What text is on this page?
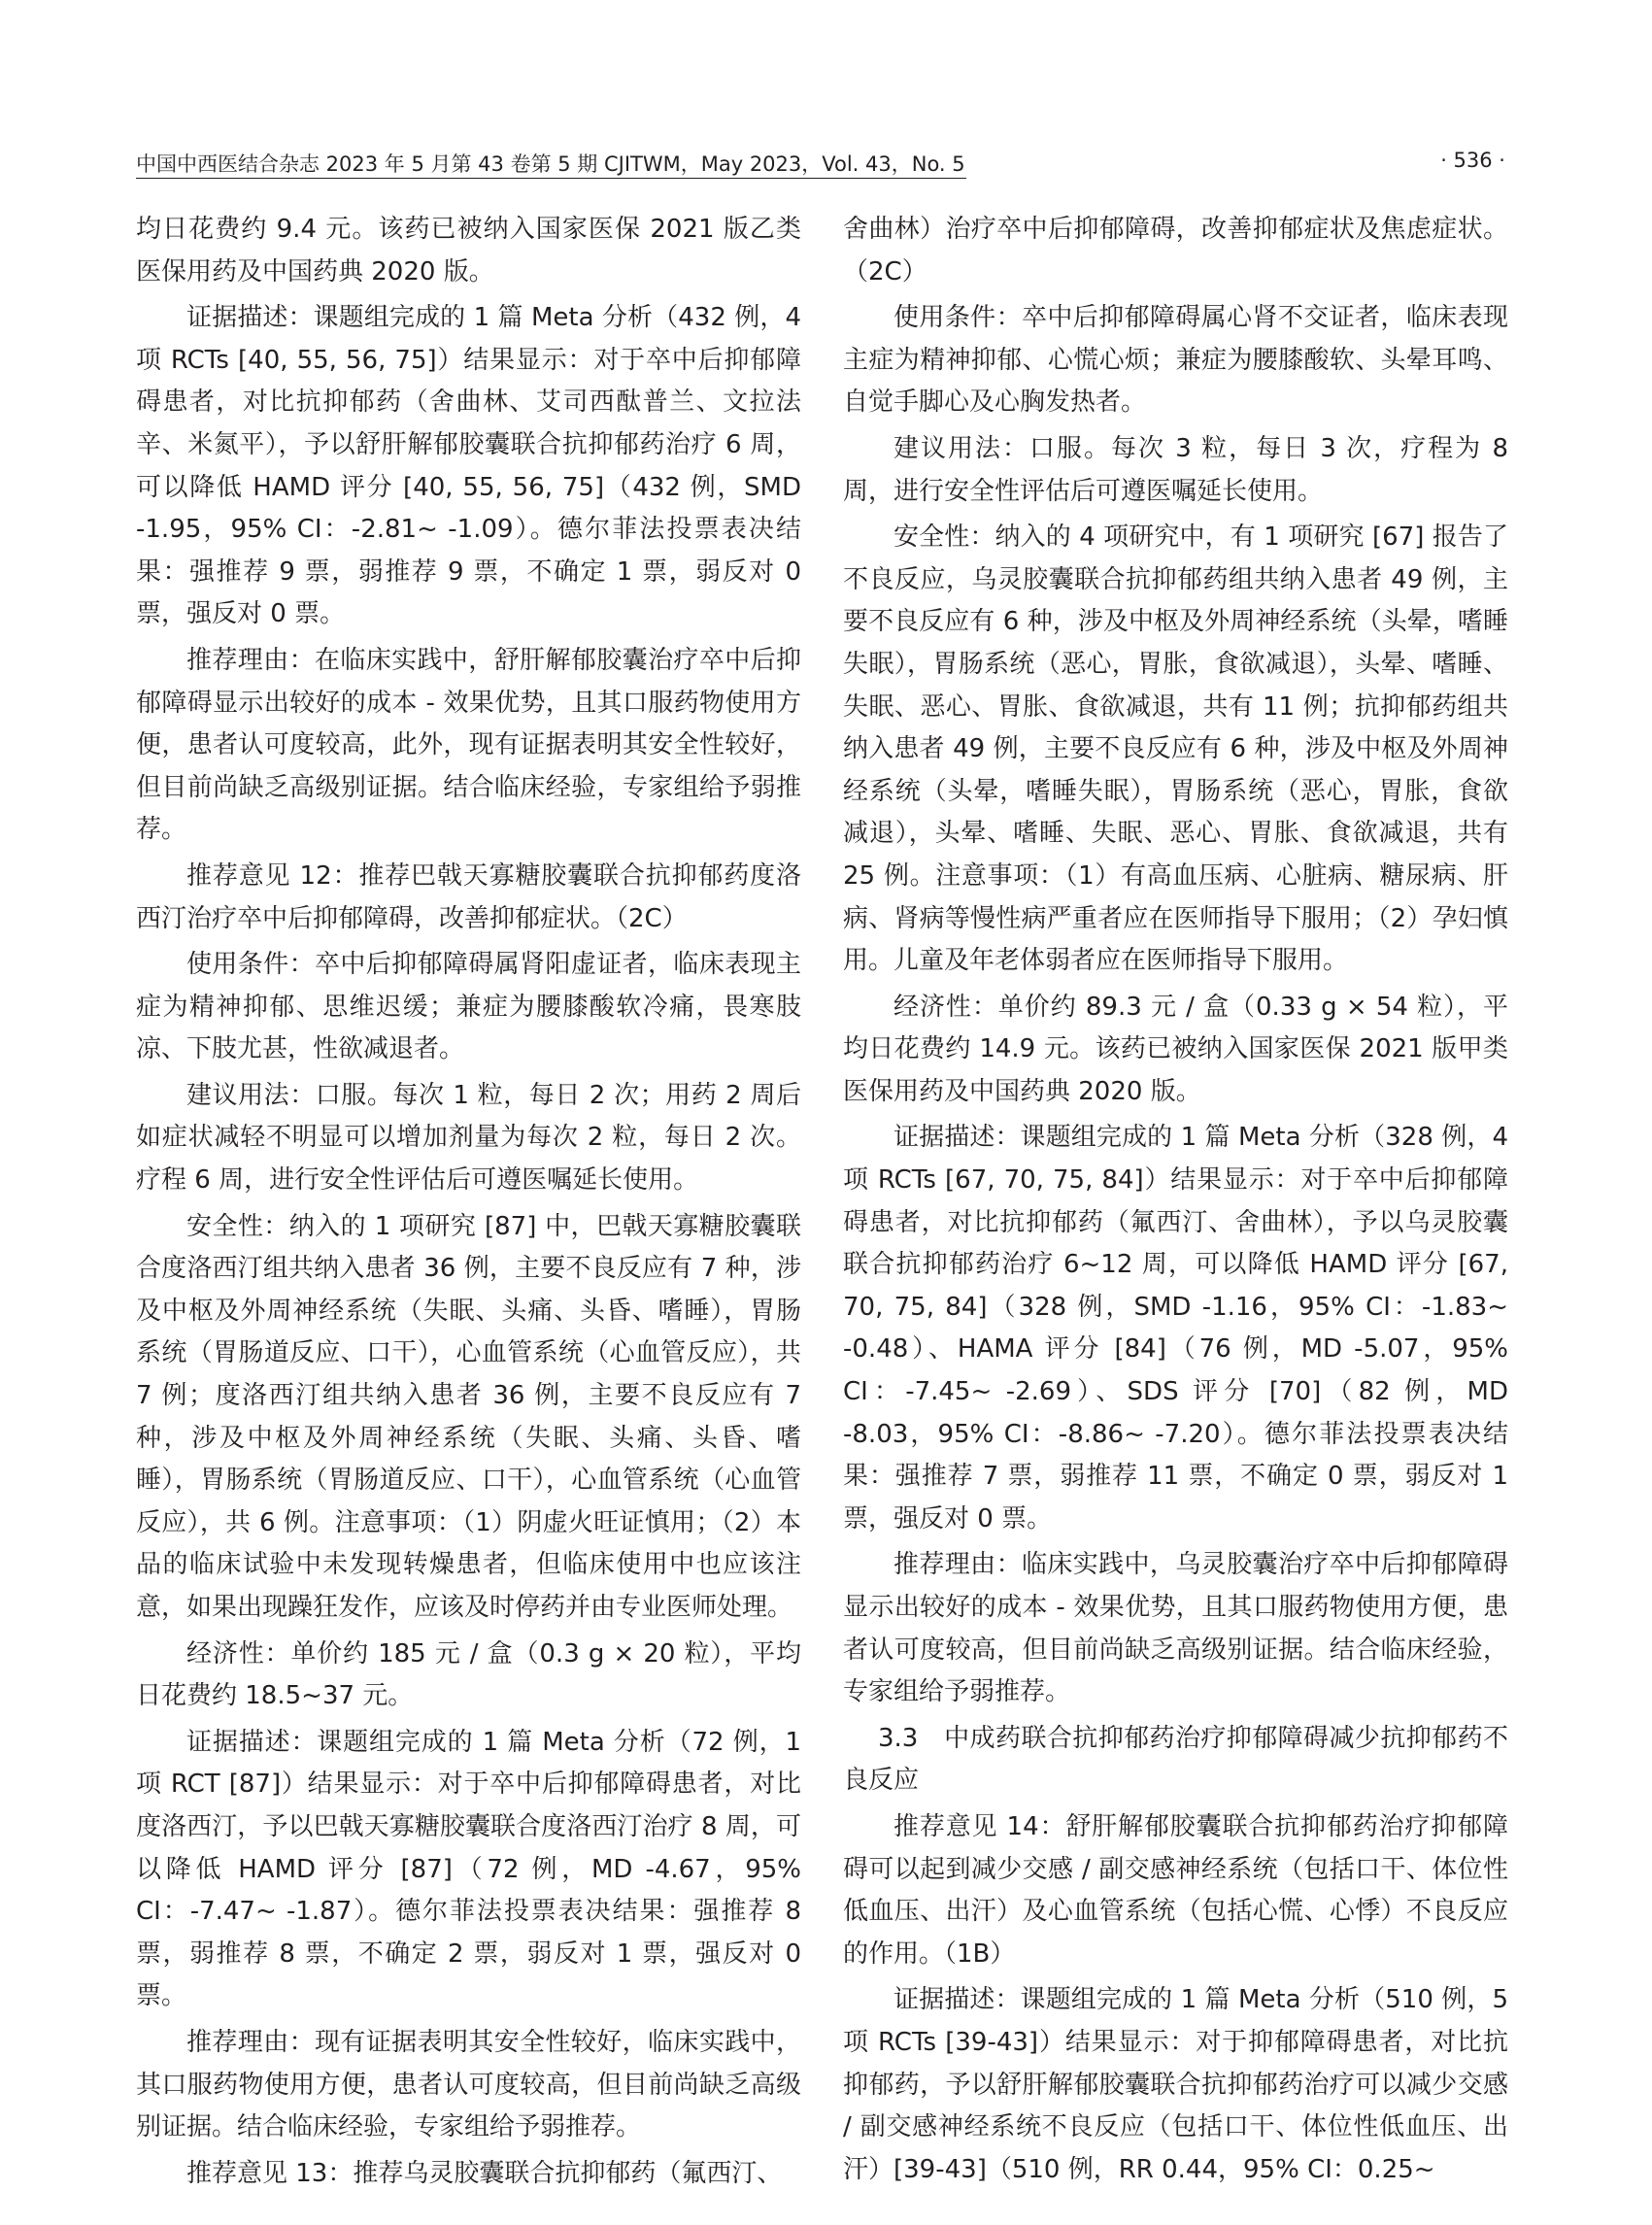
中国中西医结合杂志 2023 年 5 月第 43 卷第 5 期 CJITWM，May 2023，Vol. 43，No. 5	· 536 ·

均日花费约 9.4 元。该药已被纳入国家医保 2021 版乙类医保用药及中国药典 2020 版。

证据描述：课题组完成的 1 篇 Meta 分析（432 例，4 项 RCTs [40, 55, 56, 75]）结果显示：对于卒中后抑郁障碍患者，对比抗抑郁药（舍曲林、艾司西酞普兰、文拉法辛、米氮平），予以舒肝解郁胶囊联合抗抑郁药治疗 6 周，可以降低 HAMD 评分 [40, 55, 56, 75]（432 例，SMD -1.95，95% CI：-2.81~ -1.09）。德尔菲法投票表决结果：强推荐 9 票，弱推荐 9 票，不确定 1 票，弱反对 0 票，强反对 0 票。

推荐理由：在临床实践中，舒肝解郁胶囊治疗卒中后抑郁障碍显示出较好的成本 - 效果优势，且其口服药物使用方便，患者认可度较高，此外，现有证据表明其安全性较好，但目前尚缺乏高级别证据。结合临床经验，专家组给予弱推荐。

推荐意见 12：推荐巴戟天寡糖胶囊联合抗抑郁药度洛西汀治疗卒中后抑郁障碍，改善抑郁症状。（2C）

使用条件：卒中后抑郁障碍属肾阳虚证者，临床表现主症为精神抑郁、思维迟缓；兼症为腰膝酸软冷痛，畏寒肢凉、下肢尤甚，性欲减退者。

建议用法：口服。每次 1 粒，每日 2 次；用药 2 周后如症状减轻不明显可以增加剂量为每次 2 粒，每日 2 次。疗程 6 周，进行安全性评估后可遵医嘱延长使用。

安全性：纳入的 1 项研究 [87] 中，巴戟天寡糖胶囊联合度洛西汀组共纳入患者 36 例，主要不良反应有 7 种，涉及中枢及外周神经系统（失眠、头痛、头昏、嗜睡），胃肠系统（胃肠道反应、口干），心血管系统（心血管反应），共 7 例；度洛西汀组共纳入患者 36 例，主要不良反应有 7 种，涉及中枢及外周神经系统（失眠、头痛、头昏、嗜睡），胃肠系统（胃肠道反应、口干），心血管系统（心血管反应），共 6 例。注意事项：（1）阴虚火旺证慎用；（2）本品的临床试验中未发现转燥患者，但临床使用中也应该注意，如果出现躁狂发作，应该及时停药并由专业医师处理。

经济性：单价约 185 元 / 盒（0.3 g × 20 粒），平均日花费约 18.5~37 元。

证据描述：课题组完成的 1 篇 Meta 分析（72 例，1 项 RCT [87]）结果显示：对于卒中后抑郁障碍患者，对比度洛西汀，予以巴戟天寡糖胶囊联合度洛西汀治疗 8 周，可以降低 HAMD 评分 [87]（72 例，MD -4.67，95% CI：-7.47~ -1.87）。德尔菲法投票表决结果：强推荐 8 票，弱推荐 8 票，不确定 2 票，弱反对 1 票，强反对 0 票。

推荐理由：现有证据表明其安全性较好，临床实践中，其口服药物使用方便，患者认可度较高，但目前尚缺乏高级别证据。结合临床经验，专家组给予弱推荐。

推荐意见 13：推荐乌灵胶囊联合抗抑郁药（氟西汀、

舍曲林）治疗卒中后抑郁障碍，改善抑郁症状及焦虑症状。（2C）

使用条件：卒中后抑郁障碍属心肾不交证者，临床表现主症为精神抑郁、心慌心烦；兼症为腰膝酸软、头晕耳鸣、自觉手脚心及心胸发热者。

建议用法：口服。每次 3 粒，每日 3 次，疗程为 8 周，进行安全性评估后可遵医嘱延长使用。

安全性：纳入的 4 项研究中，有 1 项研究 [67] 报告了不良反应，乌灵胶囊联合抗抑郁药组共纳入患者 49 例，主要不良反应有 6 种，涉及中枢及外周神经系统（头晕，嗜睡失眠），胃肠系统（恶心，胃胀，食欲减退），头晕、嗜睡、失眠、恶心、胃胀、食欲减退，共有 11 例；抗抑郁药组共纳入患者 49 例，主要不良反应有 6 种，涉及中枢及外周神经系统（头晕，嗜睡失眠），胃肠系统（恶心，胃胀，食欲减退），头晕、嗜睡、失眠、恶心、胃胀、食欲减退，共有 25 例。注意事项：（1）有高血压病、心脏病、糖尿病、肝病、肾病等慢性病严重者应在医师指导下服用；（2）孕妇慎用。儿童及年老体弱者应在医师指导下服用。

经济性：单价约 89.3 元 / 盒（0.33 g × 54 粒），平均日花费约 14.9 元。该药已被纳入国家医保 2021 版甲类医保用药及中国药典 2020 版。

证据描述：课题组完成的 1 篇 Meta 分析（328 例，4 项 RCTs [67, 70, 75, 84]）结果显示：对于卒中后抑郁障碍患者，对比抗抑郁药（氟西汀、舍曲林），予以乌灵胶囊联合抗抑郁药治疗 6~12 周，可以降低 HAMD 评分 [67, 70, 75, 84]（328 例，SMD -1.16，95% CI：-1.83~ -0.48）、HAMA 评分 [84]（76 例，MD -5.07，95% CI：-7.45~ -2.69）、SDS 评分 [70]（82 例，MD -8.03，95% CI：-8.86~ -7.20）。德尔菲法投票表决结果：强推荐 7 票，弱推荐 11 票，不确定 0 票，弱反对 1 票，强反对 0 票。

推荐理由：临床实践中，乌灵胶囊治疗卒中后抑郁障碍显示出较好的成本 - 效果优势，且其口服药物使用方便，患者认可度较高，但目前尚缺乏高级别证据。结合临床经验，专家组给予弱推荐。

3.3　中成药联合抗抑郁药治疗抑郁障碍减少抗抑郁药不良反应

推荐意见 14：舒肝解郁胶囊联合抗抑郁药治疗抑郁障碍可以起到减少交感 / 副交感神经系统（包括口干、体位性低血压、出汗）及心血管系统（包括心慌、心悸）不良反应的作用。（1B）

证据描述：课题组完成的 1 篇 Meta 分析（510 例，5 项 RCTs [39-43]）结果显示：对于抑郁障碍患者，对比抗抑郁药，予以舒肝解郁胶囊联合抗抑郁药治疗可以减少交感 / 副交感神经系统不良反应（包括口干、体位性低血压、出汗）[39-43]（510 例，RR 0.44，95% CI：0.25~
